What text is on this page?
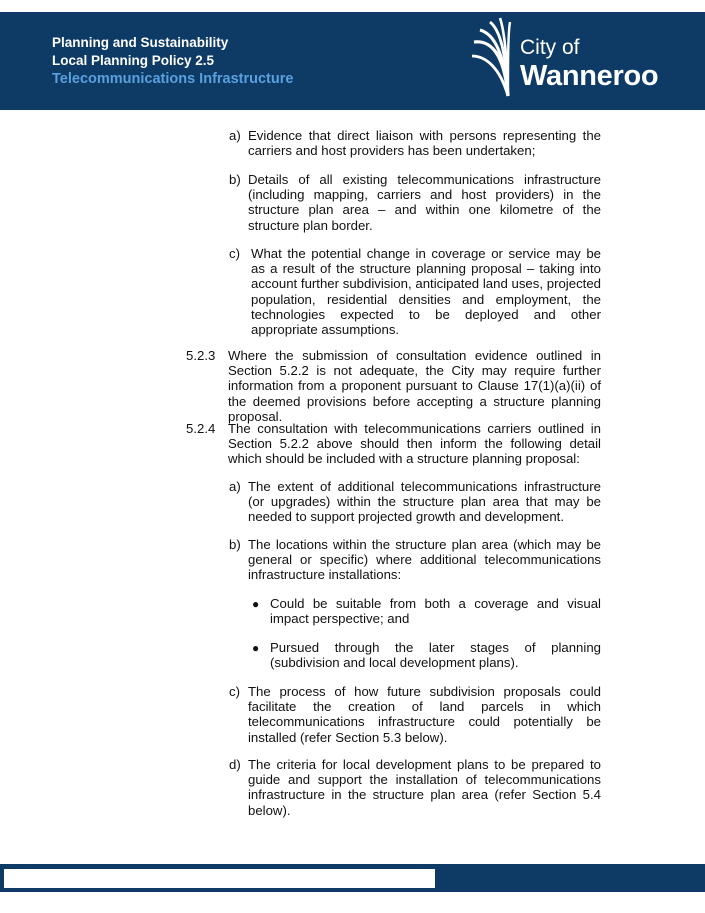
Planning and Sustainability
Local Planning Policy 2.5
Telecommunications Infrastructure
City of
Wanneroo
a) Evidence that direct liaison with persons representing the carriers and host providers has been undertaken;
b) Details of all existing telecommunications infrastructure (including mapping, carriers and host providers) in the structure plan area – and within one kilometre of the structure plan border.
c) What the potential change in coverage or service may be as a result of the structure planning proposal – taking into account further subdivision, anticipated land uses, projected population, residential densities and employment, the technologies expected to be deployed and other appropriate assumptions.
5.2.3 Where the submission of consultation evidence outlined in Section 5.2.2 is not adequate, the City may require further information from a proponent pursuant to Clause 17(1)(a)(ii) of the deemed provisions before accepting a structure planning proposal.
5.2.4 The consultation with telecommunications carriers outlined in Section 5.2.2 above should then inform the following detail which should be included with a structure planning proposal:
a) The extent of additional telecommunications infrastructure (or upgrades) within the structure plan area that may be needed to support projected growth and development.
b) The locations within the structure plan area (which may be general or specific) where additional telecommunications infrastructure installations:
● Could be suitable from both a coverage and visual impact perspective; and
● Pursued through the later stages of planning (subdivision and local development plans).
c) The process of how future subdivision proposals could facilitate the creation of land parcels in which telecommunications infrastructure could potentially be installed (refer Section 5.3 below).
d) The criteria for local development plans to be prepared to guide and support the installation of telecommunications infrastructure in the structure plan area (refer Section 5.4 below).
